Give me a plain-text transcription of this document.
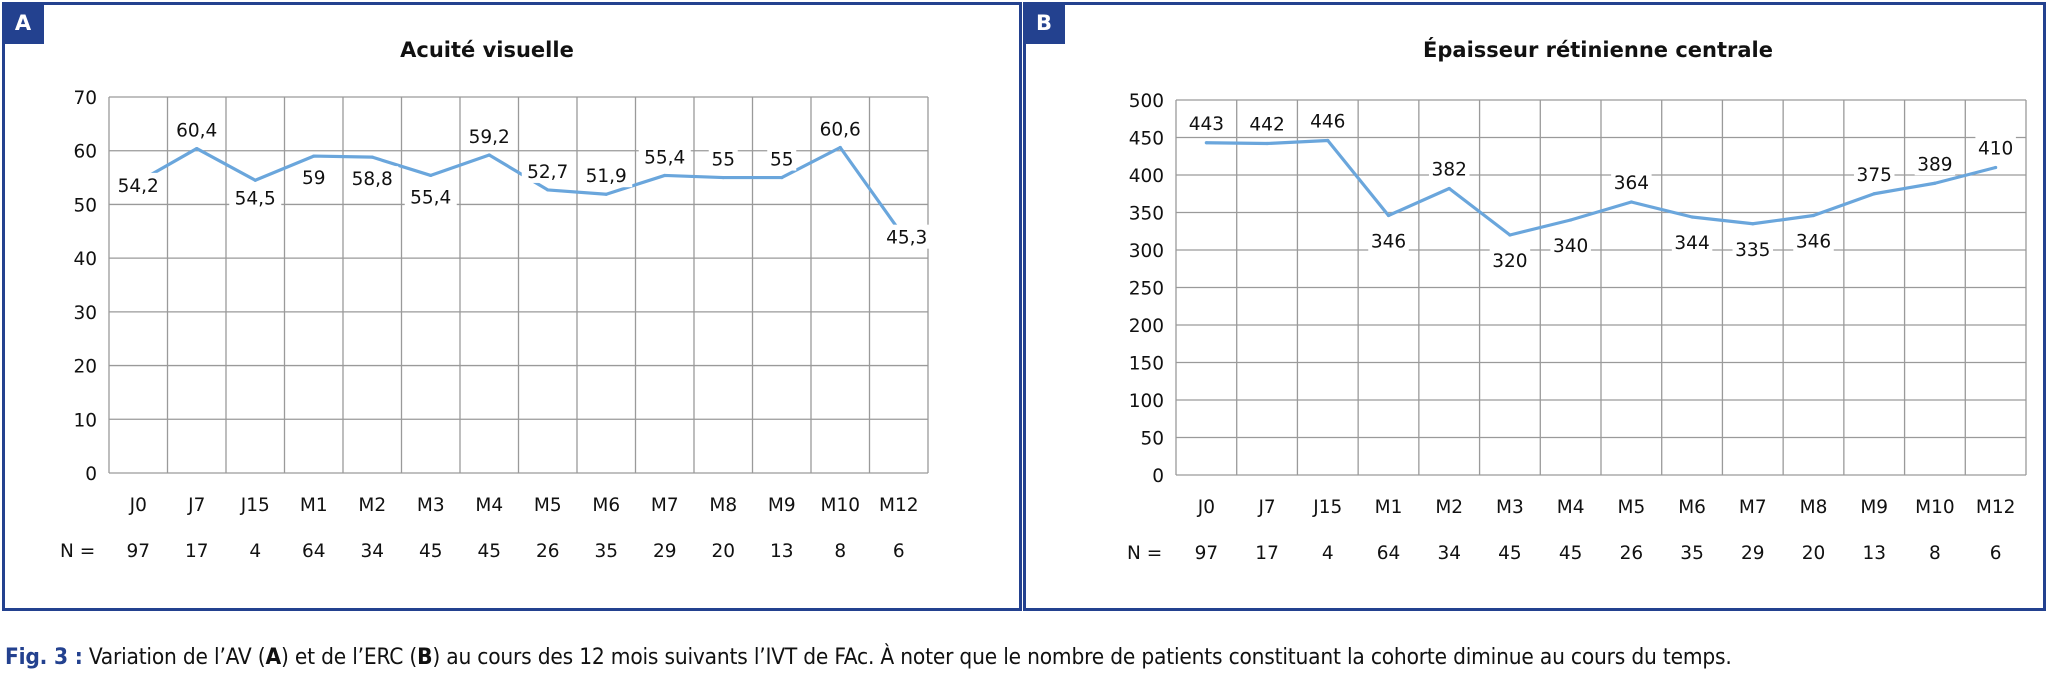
A
Acuité visuelle
0
10
20
30
40
50
60
70
J0
97
J7
17
J15
4
M1
64
M2
34
M3
45
M4
45
M5
26
M6
35
M7
29
M8
20
M9
13
M10
8
M12
6
N =
54,2
60,4
54,5
59 58,8
55,4
59,2
52,7 51,9
55,4 55 55
60,6
45,3
B
Épaisseur rétinienne centrale
0
50
100
150
200
250
300
350
400
450
500
J0
97
J7
17
J15
4
M1
64
M2
34
M3
45
M4
45
M5
26
M6
35
M7
29
M8
20
M9
13
M10
8
M12
6
N =
443 442 446
346
382
320
340
364
344 335 346
375 389
410
Fig. 3 : Variation de l’AV (A) et de l’ERC (B) au cours des 12 mois suivants l’IVT de FAc. À noter que le nombre de patients constituant la cohorte diminue au cours du temps.
